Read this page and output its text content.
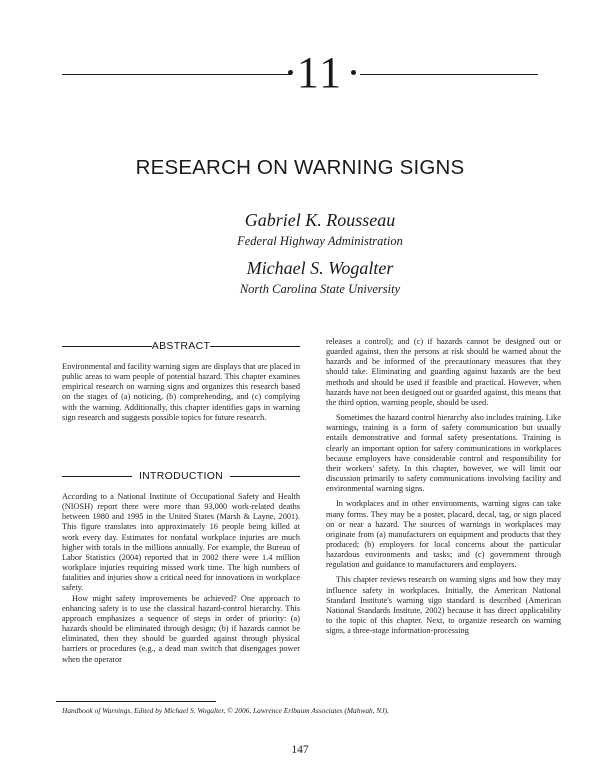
11
RESEARCH ON WARNING SIGNS
Gabriel K. Rousseau
Federal Highway Administration
Michael S. Wogalter
North Carolina State University
ABSTRACT

Environmental and facility warning signs are displays that are placed in public areas to warn people of potential hazard. This chapter examines empirical research on warning signs and organizes this research based on the stages of (a) noticing, (b) comprehending, and (c) complying with the warning. Additionally, this chapter identifies gaps in warning sign research and suggests possible topics for future research.

INTRODUCTION

According to a National Institute of Occupational Safety and Health (NIOSH) report there were more than 93,000 work-related deaths between 1980 and 1995 in the United States (Marsh & Layne, 2001). This figure translates into approximately 16 people being killed at work every day. Estimates for nonfatal workplace injuries are much higher with totals in the millions annually. For example, the Bureau of Labor Statistics (2004) reported that in 2002 there were 1.4 million workplace injuries requiring missed work time. The high numbers of fatalities and injuries show a critical need for innovations in workplace safety.

How might safety improvements be achieved? One approach to enhancing safety is to use the classical hazard-control hierarchy. This approach emphasizes a sequence of steps in order of priority: (a) hazards should be eliminated through design; (b) if hazards cannot be eliminated, then they should be guarded against through physical barriers or procedures (e.g., a dead man switch that disengages power when the operator

releases a control); and (c) if hazards cannot be designed out or guarded against, then the persons at risk should be warned about the hazards and be informed of the precautionary measures that they should take. Eliminating and guarding against hazards are the best methods and should be used if feasible and practical. However, when hazards have not been designed out or guarded against, this means that the third option, warning people, should be used.

Sometimes the hazard control hierarchy also includes training. Like warnings, training is a form of safety communication but usually entails demonstrative and formal safety presentations. Training is clearly an important option for safety communications in workplaces because employers have considerable control and responsibility for their workers' safety. In this chapter, however, we will limit our discussion primarily to safety communications involving facility and environmental warning signs.

In workplaces and in other environments, warning signs can take many forms. They may be a poster, placard, decal, tag, or sign placed on or near a hazard. The sources of warnings in workplaces may originate from (a) manufacturers on equipment and products that they produced; (b) employers for local concerns about the particular hazardous environments and tasks; and (c) government through regulation and guidance to manufacturers and employers.

This chapter reviews research on warning signs and how they may influence safety in workplaces. Initially, the American National Standard Institute's warning sign standard is described (American National Standards Institute, 2002) because it has direct applicability to the topic of this chapter. Next, to organize research on warning signs, a three-stage information-processing

Handbook of Warnings, Edited by Michael S. Wogalter, © 2006, Lawrence Erlbaum Associates (Mahwah, NJ).
147
